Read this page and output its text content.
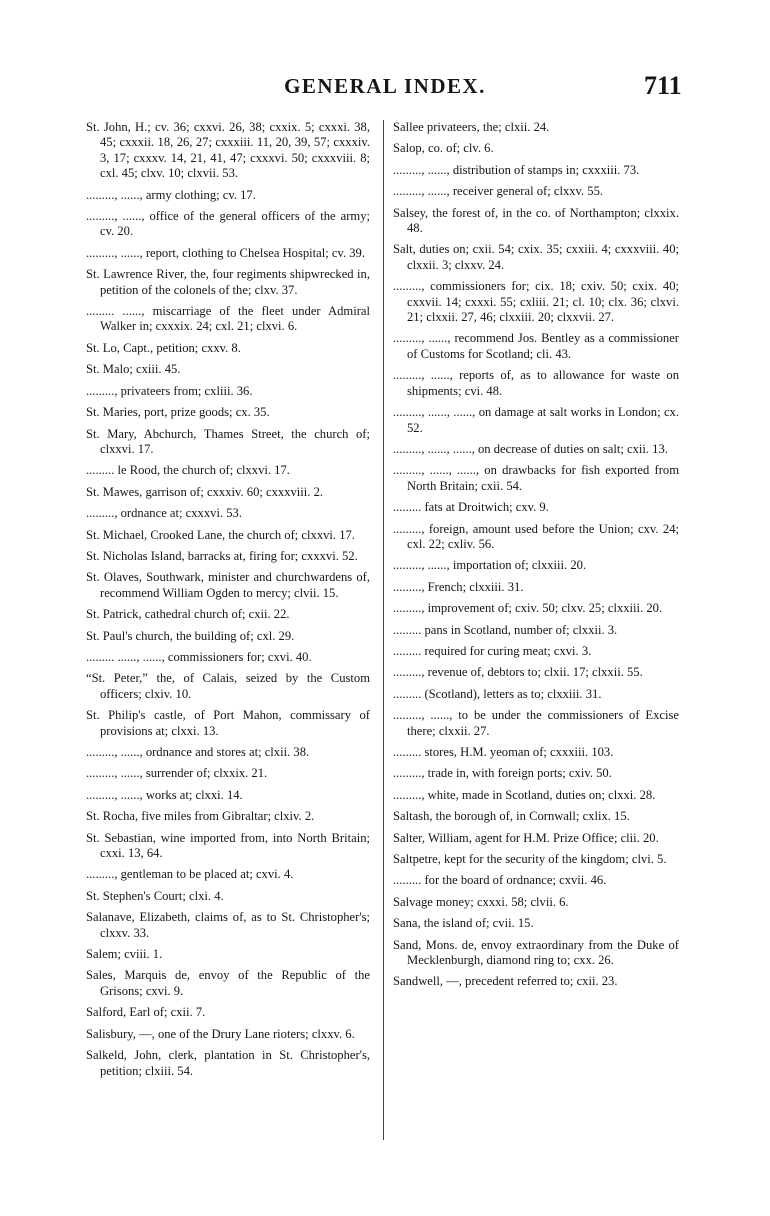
GENERAL INDEX.	711

St. John, H.; cv. 36; cxxvi. 26, 38; cxxix. 5; cxxxi. 38, 45; cxxxii. 18, 26, 27; cxxxiii. 11, 20, 39, 57; cxxxiv. 3, 17; cxxxv. 14, 21, 41, 47; cxxxvi. 50; cxxxviii. 8; cxl. 45; clxv. 10; clxvii. 53.

........., ......, army clothing; cv. 17.

........., ......, office of the general officers of the army; cv. 20.

........., ......, report, clothing to Chelsea Hospital; cv. 39.

St. Lawrence River, the, four regiments shipwrecked in, petition of the colonels of the; clxv. 37.

......... ......, miscarriage of the fleet under Admiral Walker in; cxxxix. 24; cxl. 21; clxvi. 6.

St. Lo, Capt., petition; cxxv. 8.

St. Malo; cxiii. 45.

........., privateers from; cxliii. 36.

St. Maries, port, prize goods; cx. 35.

St. Mary, Abchurch, Thames Street, the church of; clxxvi. 17.

......... le Rood, the church of; clxxvi. 17.

St. Mawes, garrison of; cxxxiv. 60; cxxxviii. 2.

........., ordnance at; cxxxvi. 53.

St. Michael, Crooked Lane, the church of; clxxvi. 17.

St. Nicholas Island, barracks at, firing for; cxxxvi. 52.

St. Olaves, Southwark, minister and churchwardens of, recommend William Ogden to mercy; clvii. 15.

St. Patrick, cathedral church of; cxii. 22.

St. Paul's church, the building of; cxl. 29.

......... ......, ......, commissioners for; cxvi. 40.

“St. Peter,” the, of Calais, seized by the Custom officers; clxiv. 10.

St. Philip's castle, of Port Mahon, commissary of provisions at; clxxi. 13.

........., ......, ordnance and stores at; clxii. 38.

........., ......, surrender of; clxxix. 21.

........., ......, works at; clxxi. 14.

St. Rocha, five miles from Gibraltar; clxiv. 2.

St. Sebastian, wine imported from, into North Britain; cxxi. 13, 64.

........., gentleman to be placed at; cxvi. 4.

St. Stephen's Court; clxi. 4.

Salanave, Elizabeth, claims of, as to St. Christopher's; clxxv. 33.

Salem; cviii. 1.

Sales, Marquis de, envoy of the Republic of the Grisons; cxvi. 9.

Salford, Earl of; cxii. 7.

Salisbury, —, one of the Drury Lane rioters; clxxv. 6.

Salkeld, John, clerk, plantation in St. Christopher's, petition; clxiii. 54.

Sallee privateers, the; clxii. 24.

Salop, co. of; clv. 6.

........., ......, distribution of stamps in; cxxxiii. 73.

........., ......, receiver general of; clxxv. 55.

Salsey, the forest of, in the co. of Northampton; clxxix. 48.

Salt, duties on; cxii. 54; cxix. 35; cxxiii. 4; cxxxviii. 40; clxxii. 3; clxxv. 24.

........., commissioners for; cix. 18; cxiv. 50; cxix. 40; cxxvii. 14; cxxxi. 55; cxliii. 21; cl. 10; clx. 36; clxvi. 21; clxxii. 27, 46; clxxiii. 20; clxxvii. 27.

........., ......, recommend Jos. Bentley as a commissioner of Customs for Scotland; cli. 43.

........., ......, reports of, as to allowance for waste on shipments; cvi. 48.

........., ......, ......, on damage at salt works in London; cx. 52.

........., ......, ......, on decrease of duties on salt; cxii. 13.

........., ......, ......, on drawbacks for fish exported from North Britain; cxii. 54.

......... fats at Droitwich; cxv. 9.

........., foreign, amount used before the Union; cxv. 24; cxl. 22; cxliv. 56.

........., ......, importation of; clxxiii. 20.

........., French; clxxiii. 31.

........., improvement of; cxiv. 50; clxv. 25; clxxiii. 20.

......... pans in Scotland, number of; clxxii. 3.

......... required for curing meat; cxvi. 3.

........., revenue of, debtors to; clxii. 17; clxxii. 55.

......... (Scotland), letters as to; clxxiii. 31.

........., ......, to be under the commissioners of Excise there; clxxii. 27.

......... stores, H.M. yeoman of; cxxxiii. 103.

........., trade in, with foreign ports; cxiv. 50.

........., white, made in Scotland, duties on; clxxi. 28.

Saltash, the borough of, in Cornwall; cxlix. 15.

Salter, William, agent for H.M. Prize Office; clii. 20.

Saltpetre, kept for the security of the kingdom; clvi. 5.

......... for the board of ordnance; cxvii. 46.

Salvage money; cxxxi. 58; clvii. 6.

Sana, the island of; cvii. 15.

Sand, Mons. de, envoy extraordinary from the Duke of Mecklenburgh, diamond ring to; cxx. 26.

Sandwell, —, precedent referred to; cxii. 23.
